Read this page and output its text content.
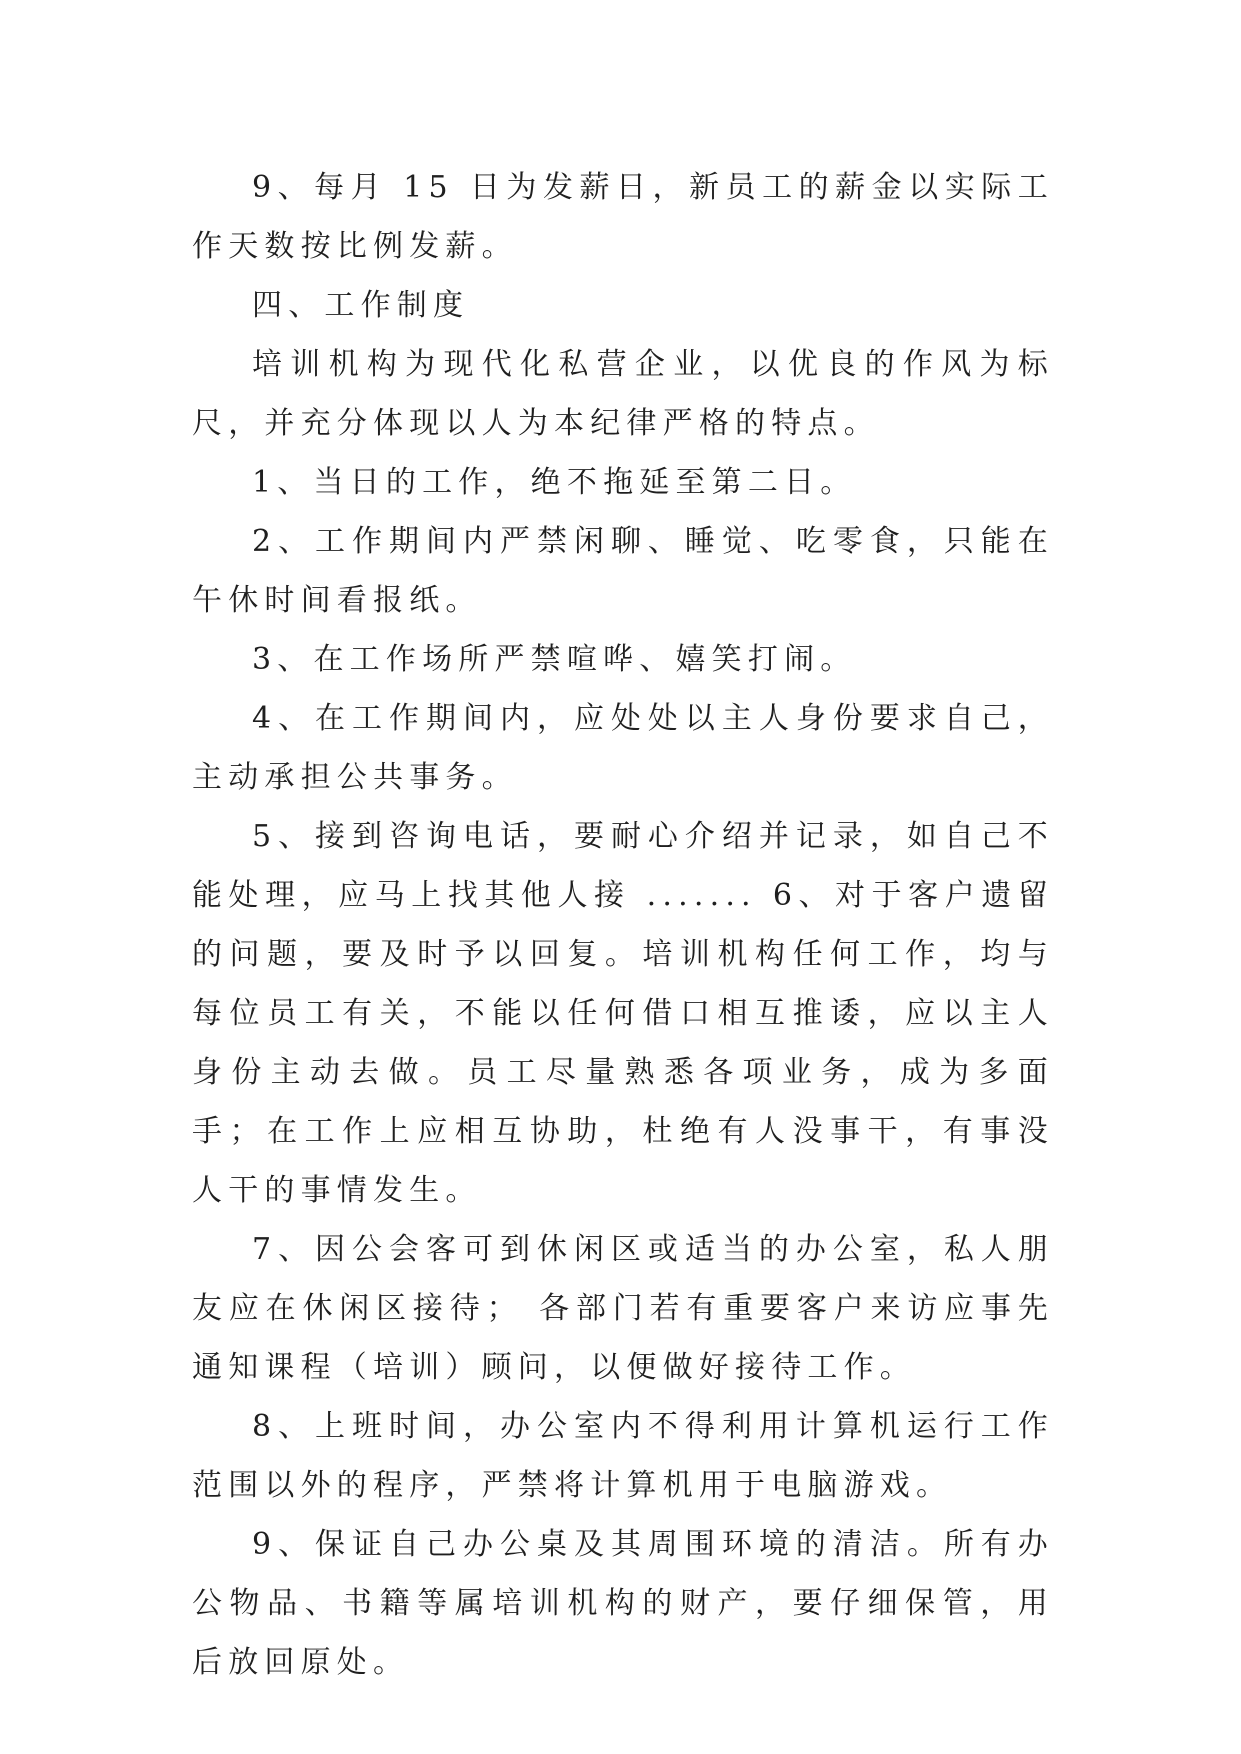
9、每月 15 日为发薪日，新员工的薪金以实际工作天数按比例发薪。

四、工作制度

培训机构为现代化私营企业，以优良的作风为标尺，并充分体现以人为本纪律严格的特点。

1、当日的工作，绝不拖延至第二日。

2、工作期间内严禁闲聊、睡觉、吃零食，只能在午休时间看报纸。

3、在工作场所严禁喧哗、嬉笑打闹。

4、在工作期间内，应处处以主人身份要求自己，主动承担公共事务。

5、接到咨询电话，要耐心介绍并记录，如自己不能处理，应马上找其他人接 ....... 6、对于客户遗留的问题，要及时予以回复。培训机构任何工作，均与每位员工有关，不能以任何借口相互推诿，应以主人身份主动去做。员工尽量熟悉各项业务，成为多面手；在工作上应相互协助，杜绝有人没事干，有事没人干的事情发生。

7、因公会客可到休闲区或适当的办公室，私人朋友应在休闲区接待； 各部门若有重要客户来访应事先通知课程（培训）顾问，以便做好接待工作。

8、上班时间，办公室内不得利用计算机运行工作范围以外的程序，严禁将计算机用于电脑游戏。

9、保证自己办公桌及其周围环境的清洁。所有办公物品、书籍等属培训机构的财产，要仔细保管，用后放回原处。
